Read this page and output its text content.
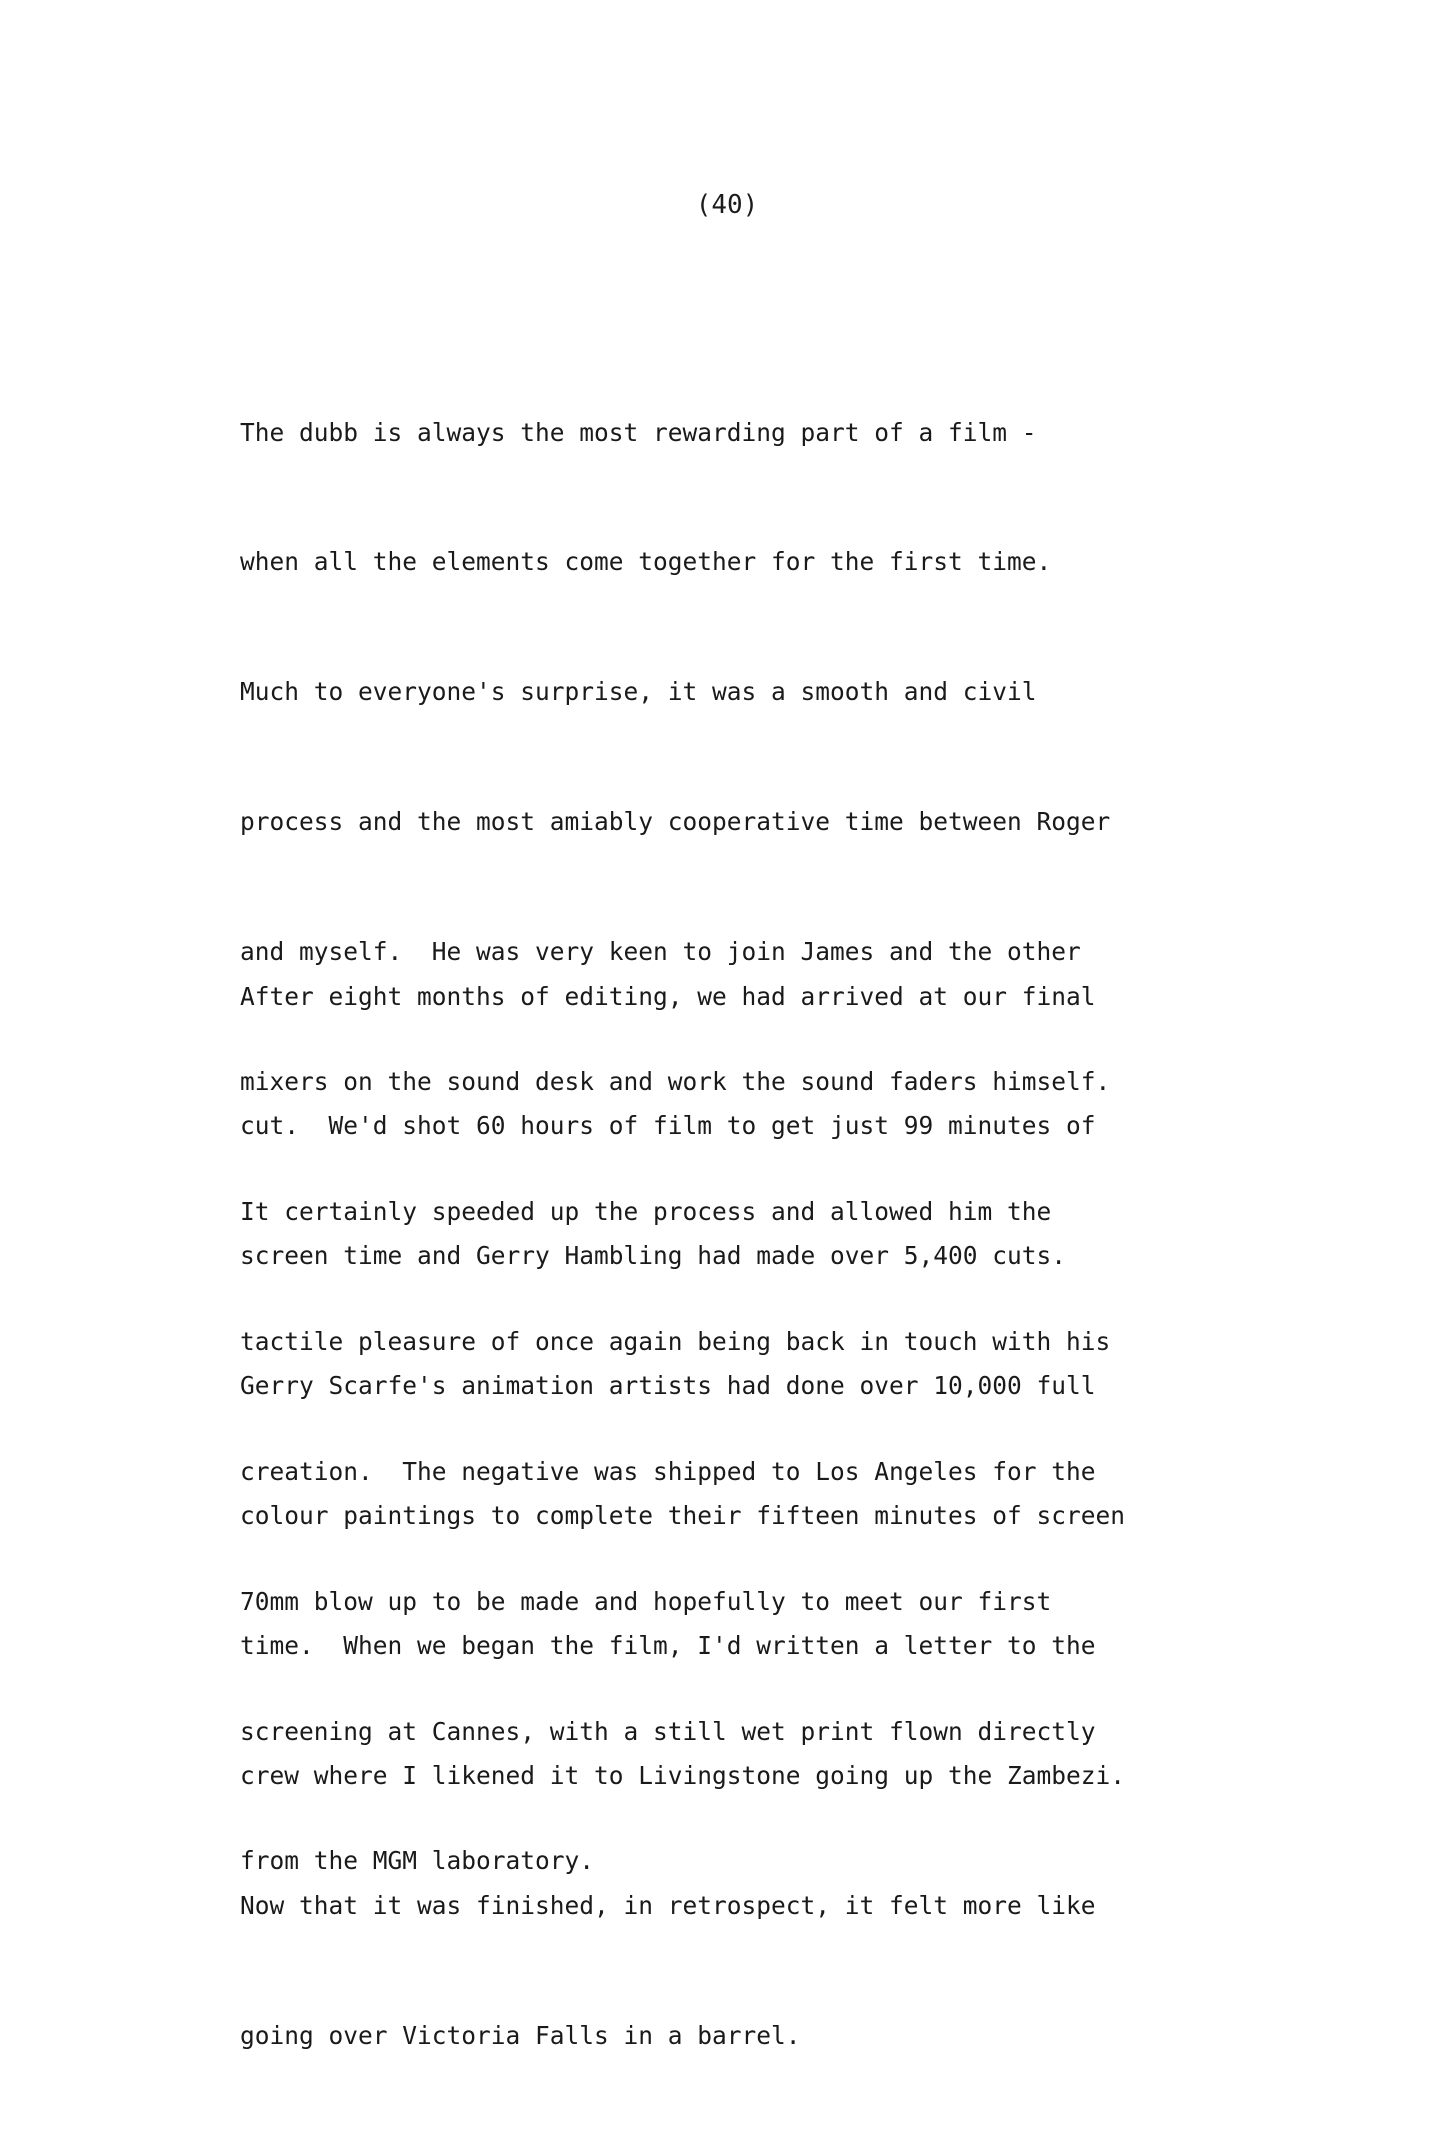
(40)

The dubb is always the most rewarding part of a film -

when all the elements come together for the first time.

Much to everyone's surprise, it was a smooth and civil

process and the most amiably cooperative time between Roger

and myself.  He was very keen to join James and the other

mixers on the sound desk and work the sound faders himself.

It certainly speeded up the process and allowed him the

tactile pleasure of once again being back in touch with his

creation.  The negative was shipped to Los Angeles for the

70mm blow up to be made and hopefully to meet our first

screening at Cannes, with a still wet print flown directly

from the MGM laboratory.

After eight months of editing, we had arrived at our final

cut.  We'd shot 60 hours of film to get just 99 minutes of

screen time and Gerry Hambling had made over 5,400 cuts.

Gerry Scarfe's animation artists had done over 10,000 full

colour paintings to complete their fifteen minutes of screen

time.  When we began the film, I'd written a letter to the

crew where I likened it to Livingstone going up the Zambezi.

Now that it was finished, in retrospect, it felt more like

going over Victoria Falls in a barrel.
